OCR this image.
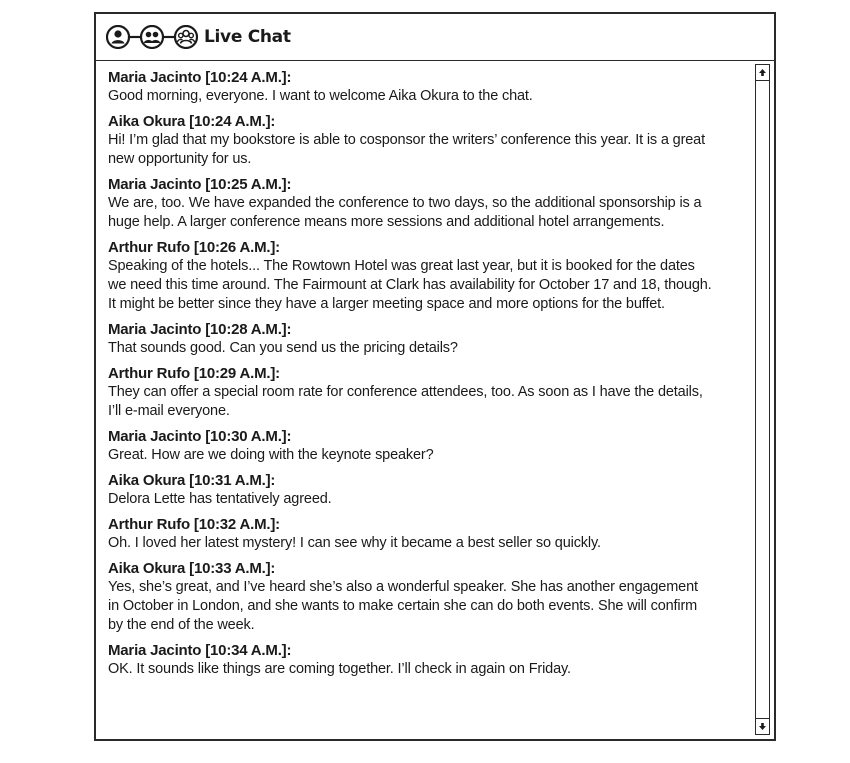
Live Chat
Maria Jacinto [10:24 A.M.]:
Good morning, everyone. I want to welcome Aika Okura to the chat.
Aika Okura [10:24 A.M.]:
Hi! I’m glad that my bookstore is able to cosponsor the writers’ conference this year. It is a great
new opportunity for us.
Maria Jacinto [10:25 A.M.]:
We are, too. We have expanded the conference to two days, so the additional sponsorship is a
huge help. A larger conference means more sessions and additional hotel arrangements.
Arthur Rufo [10:26 A.M.]:
Speaking of the hotels... The Rowtown Hotel was great last year, but it is booked for the dates
we need this time around. The Fairmount at Clark has availability for October 17 and 18, though.
It might be better since they have a larger meeting space and more options for the buffet.
Maria Jacinto [10:28 A.M.]:
That sounds good. Can you send us the pricing details?
Arthur Rufo [10:29 A.M.]:
They can offer a special room rate for conference attendees, too. As soon as I have the details,
I’ll e-mail everyone.
Maria Jacinto [10:30 A.M.]:
Great. How are we doing with the keynote speaker?
Aika Okura [10:31 A.M.]:
Delora Lette has tentatively agreed.
Arthur Rufo [10:32 A.M.]:
Oh. I loved her latest mystery! I can see why it became a best seller so quickly.
Aika Okura [10:33 A.M.]:
Yes, she’s great, and I’ve heard she’s also a wonderful speaker. She has another engagement
in October in London, and she wants to make certain she can do both events. She will confirm
by the end of the week.
Maria Jacinto [10:34 A.M.]:
OK. It sounds like things are coming together. I’ll check in again on Friday.
